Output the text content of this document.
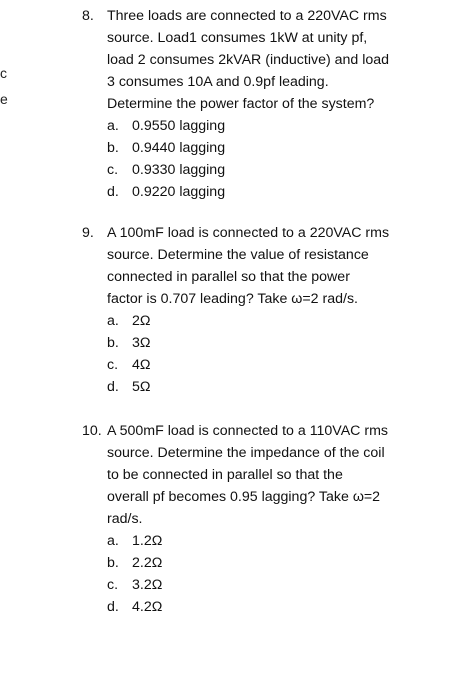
c
e
8. Three loads are connected to a 220VAC rms
source. Load1 consumes 1kW at unity pf,
load 2 consumes 2kVAR (inductive) and load
3 consumes 10A and 0.9pf leading.
Determine the power factor of the system?
a. 0.9550 lagging
b. 0.9440 lagging
c. 0.9330 lagging
d. 0.9220 lagging
9. A 100mF load is connected to a 220VAC rms
source. Determine the value of resistance
connected in parallel so that the power
factor is 0.707 leading? Take ω=2 rad/s.
a. 2Ω
b. 3Ω
c. 4Ω
d. 5Ω
10. A 500mF load is connected to a 110VAC rms
source. Determine the impedance of the coil
to be connected in parallel so that the
overall pf becomes 0.95 lagging? Take ω=2
rad/s.
a. 1.2Ω
b. 2.2Ω
c. 3.2Ω
d. 4.2Ω
